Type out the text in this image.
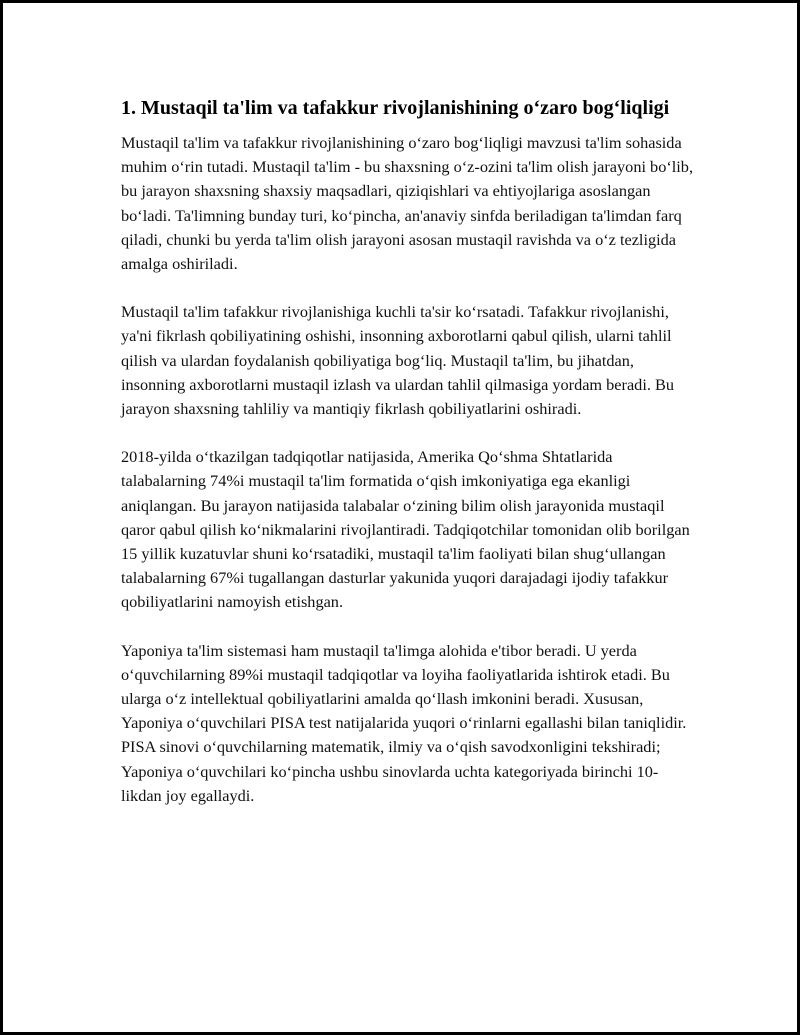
1. Mustaqil ta'lim va tafakkur rivojlanishining o‘zaro bog‘liqligi

Mustaqil ta'lim va tafakkur rivojlanishining o‘zaro bog‘liqligi mavzusi ta'lim sohasida muhim o‘rin tutadi. Mustaqil ta'lim - bu shaxsning o‘z-ozini ta'lim olish jarayoni bo‘lib, bu jarayon shaxsning shaxsiy maqsadlari, qiziqishlari va ehtiyojlariga asoslangan bo‘ladi. Ta'limning bunday turi, ko‘pincha, an'anaviy sinfda beriladigan ta'limdan farq qiladi, chunki bu yerda ta'lim olish jarayoni asosan mustaqil ravishda va o‘z tezligida amalga oshiriladi.

Mustaqil ta'lim tafakkur rivojlanishiga kuchli ta'sir ko‘rsatadi. Tafakkur rivojlanishi, ya'ni fikrlash qobiliyatining oshishi, insonning axborotlarni qabul qilish, ularni tahlil qilish va ulardan foydalanish qobiliyatiga bog‘liq. Mustaqil ta'lim, bu jihatdan, insonning axborotlarni mustaqil izlash va ulardan tahlil qilmasiga yordam beradi. Bu jarayon shaxsning tahliliy va mantiqiy fikrlash qobiliyatlarini oshiradi.

2018-yilda o‘tkazilgan tadqiqotlar natijasida, Amerika Qo‘shma Shtatlarida talabalarning 74%i mustaqil ta'lim formatida o‘qish imkoniyatiga ega ekanligi aniqlangan. Bu jarayon natijasida talabalar o‘zining bilim olish jarayonida mustaqil qaror qabul qilish ko‘nikmalarini rivojlantiradi. Tadqiqotchilar tomonidan olib borilgan 15 yillik kuzatuvlar shuni ko‘rsatadiki, mustaqil ta'lim faoliyati bilan shug‘ullangan talabalarning 67%i tugallangan dasturlar yakunida yuqori darajadagi ijodiy tafakkur qobiliyatlarini namoyish etishgan.

Yaponiya ta'lim sistemasi ham mustaqil ta'limga alohida e'tibor beradi. U yerda o‘quvchilarning 89%i mustaqil tadqiqotlar va loyiha faoliyatlarida ishtirok etadi. Bu ularga o‘z intellektual qobiliyatlarini amalda qo‘llash imkonini beradi. Xususan, Yaponiya o‘quvchilari PISA test natijalarida yuqori o‘rinlarni egallashi bilan taniqlidir. PISA sinovi o‘quvchilarning matematik, ilmiy va o‘qish savodxonligini tekshiradi; Yaponiya o‘quvchilari ko‘pincha ushbu sinovlarda uchta kategoriyada birinchi 10-likdan joy egallaydi.
